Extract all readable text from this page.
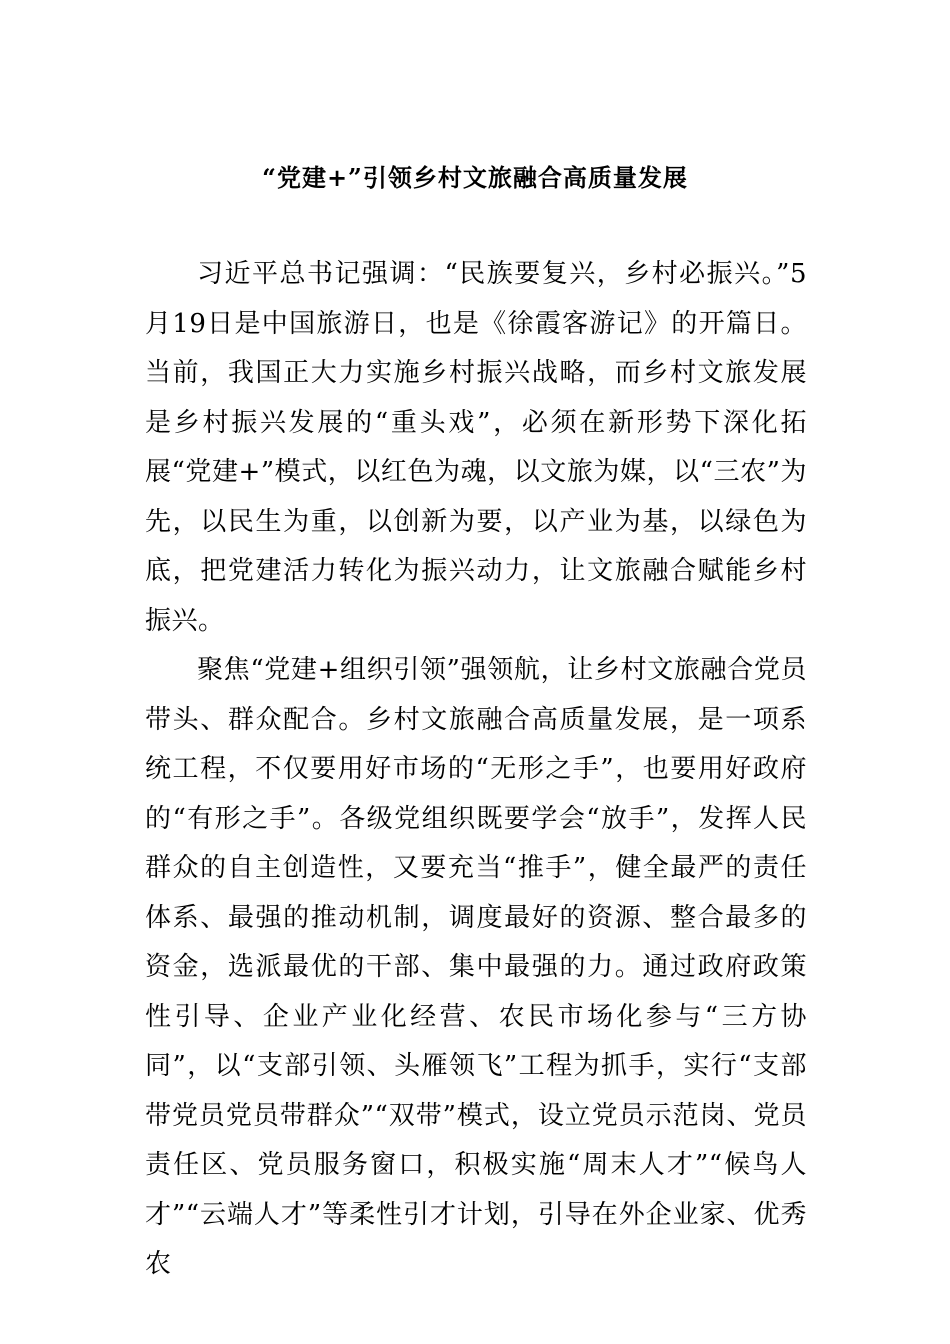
“党建+”引领乡村文旅融合高质量发展

习近平总书记强调：“民族要复兴，乡村必振兴。”5月19日是中国旅游日，也是《徐霞客游记》的开篇日。当前，我国正大力实施乡村振兴战略，而乡村文旅发展是乡村振兴发展的“重头戏”，必须在新形势下深化拓展“党建+”模式，以红色为魂，以文旅为媒，以“三农”为先，以民生为重，以创新为要，以产业为基，以绿色为底，把党建活力转化为振兴动力，让文旅融合赋能乡村振兴。

聚焦“党建+组织引领”强领航，让乡村文旅融合党员带头、群众配合。乡村文旅融合高质量发展，是一项系统工程，不仅要用好市场的“无形之手”，也要用好政府的“有形之手”。各级党组织既要学会“放手”，发挥人民群众的自主创造性，又要充当“推手”，健全最严的责任体系、最强的推动机制，调度最好的资源、整合最多的资金，选派最优的干部、集中最强的力。通过政府政策性引导、企业产业化经营、农民市场化参与“三方协同”，以“支部引领、头雁领飞”工程为抓手，实行“支部带党员党员带群众”“双带”模式，设立党员示范岗、党员责任区、党员服务窗口，积极实施“周末人才”“候鸟人才”“云端人才”等柔性引才计划，引导在外企业家、优秀农
